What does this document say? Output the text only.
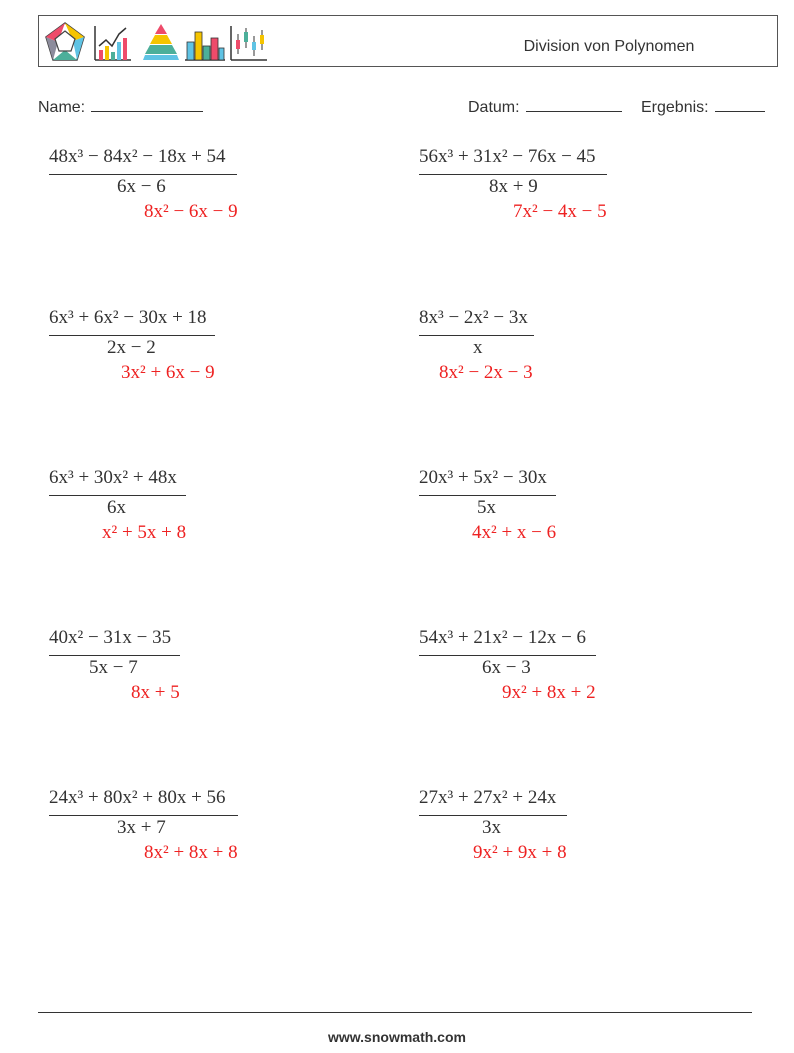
Division von Polynomen
Name:	Datum:	Ergebnis:
48x³ − 84x² − 18x + 54
6x − 6
8x² − 6x − 9
56x³ + 31x² − 76x − 45
8x + 9
7x² − 4x − 5
6x³ + 6x² − 30x + 18
2x − 2
3x² + 6x − 9
8x³ − 2x² − 3x
x
8x² − 2x − 3
6x³ + 30x² + 48x
6x
x² + 5x + 8
20x³ + 5x² − 30x
5x
4x² + x − 6
40x² − 31x − 35
5x − 7
8x + 5
54x³ + 21x² − 12x − 6
6x − 3
9x² + 8x + 2
24x³ + 80x² + 80x + 56
3x + 7
8x² + 8x + 8
27x³ + 27x² + 24x
3x
9x² + 9x + 8
www.snowmath.com
